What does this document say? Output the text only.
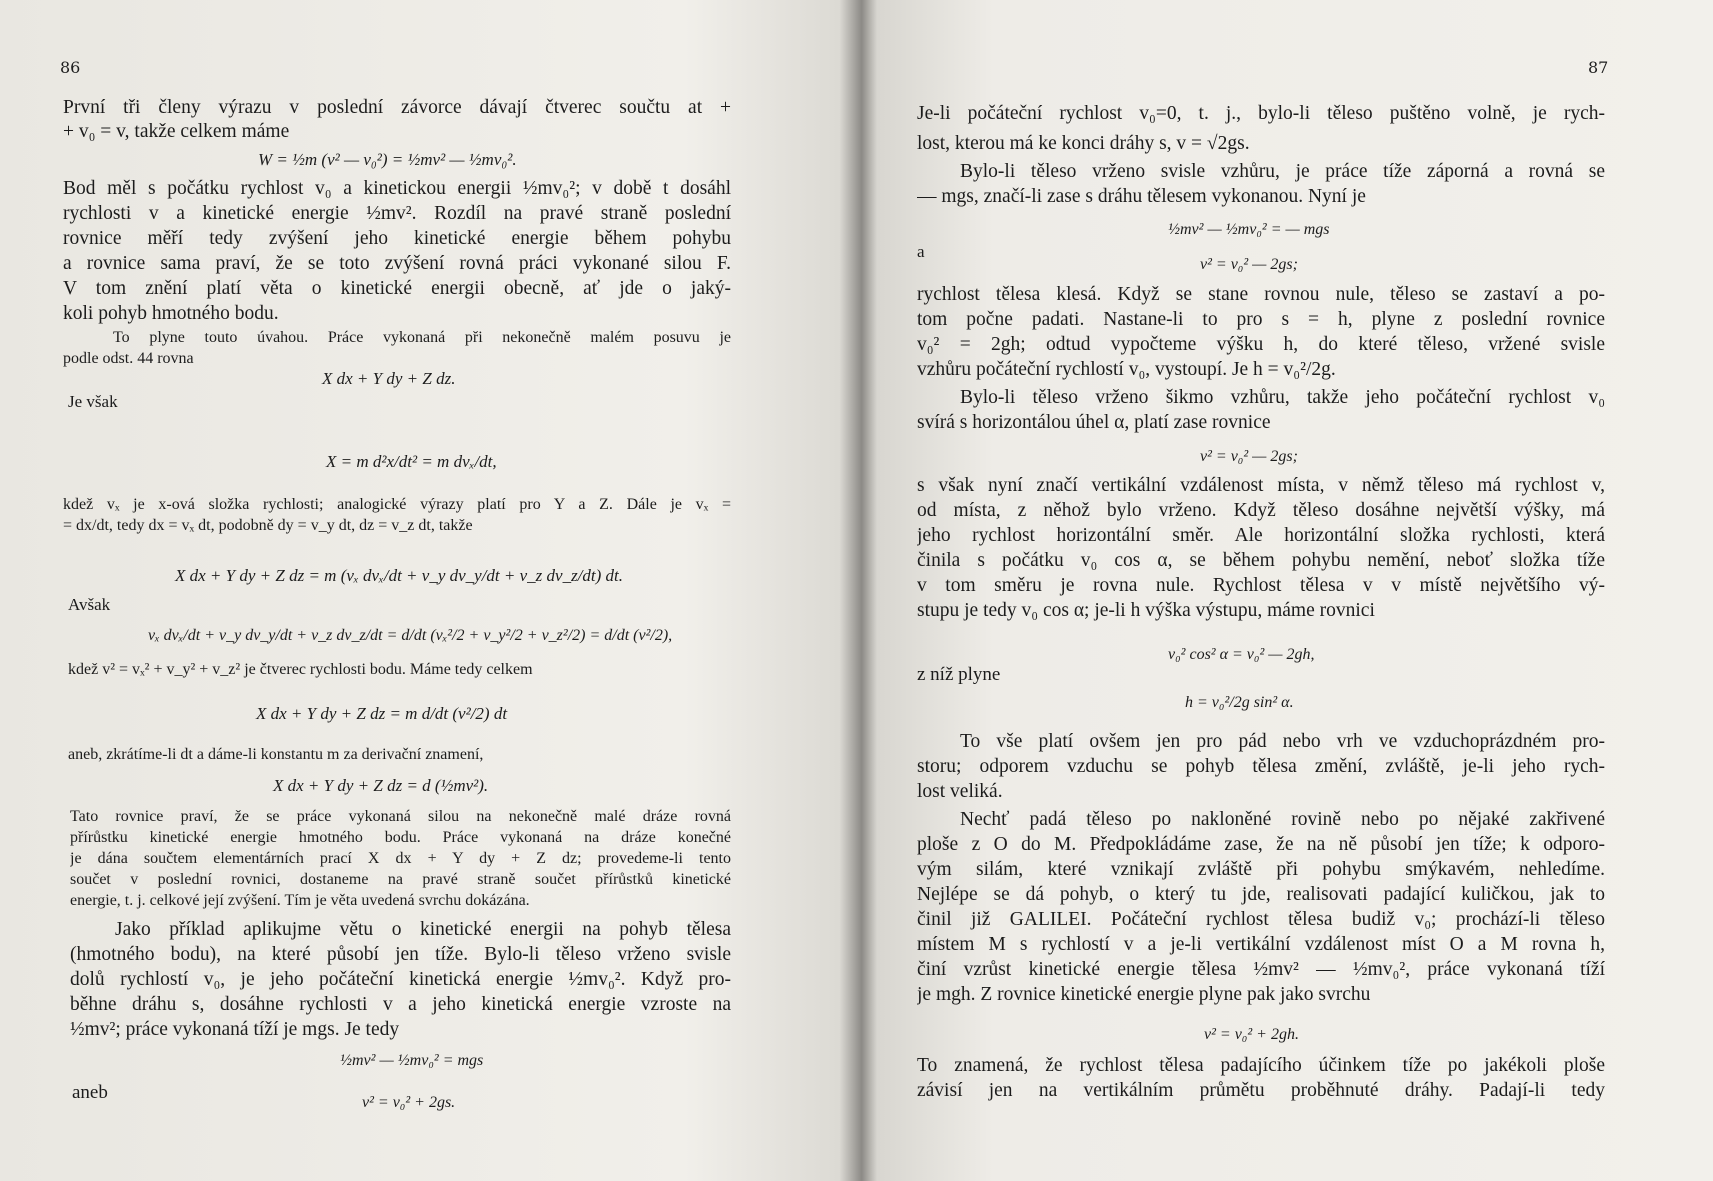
86
První tři členy výrazu v poslední závorce dávají čtverec součtu at +
+ v₀ = v, takže celkem máme
W = ½m (v² — v₀²) = ½mv² — ½mv₀².
Bod měl s počátku rychlost v₀ a kinetickou energii ½mv₀²; v době t dosáhl
rychlosti v a kinetické energie ½mv². Rozdíl na pravé straně poslední
rovnice měří tedy zvýšení jeho kinetické energie během pohybu
a rovnice sama praví, že se toto zvýšení rovná práci vykonané silou F.
V tom znění platí věta o kinetické energii obecně, ať jde o jaký-
koli pohyb hmotného bodu.
To plyne touto úvahou. Práce vykonaná při nekonečně malém posuvu je
podle odst. 44 rovna
X dx + Y dy + Z dz.
Je však
X = m d²x/dt² = m dvₓ/dt,
kdež vₓ je x-ová složka rychlosti; analogické výrazy platí pro Y a Z. Dále je vₓ =
= dx/dt, tedy dx = vₓ dt, podobně dy = v_y dt, dz = v_z dt, takže
X dx + Y dy + Z dz = m (vₓ dvₓ/dt + v_y dv_y/dt + v_z dv_z/dt) dt.
Avšak
vₓ dvₓ/dt + v_y dv_y/dt + v_z dv_z/dt = d/dt (vₓ²/2 + v_y²/2 + v_z²/2) = d/dt (v²/2),
kdež v² = vₓ² + v_y² + v_z² je čtverec rychlosti bodu. Máme tedy celkem
X dx + Y dy + Z dz = m d/dt (v²/2) dt
aneb, zkrátíme-li dt a dáme-li konstantu m za derivační znamení,
X dx + Y dy + Z dz = d (½mv²).
Tato rovnice praví, že se práce vykonaná silou na nekonečně malé dráze rovná
přírůstku kinetické energie hmotného bodu. Práce vykonaná na dráze konečné
je dána součtem elementárních prací X dx + Y dy + Z dz; provedeme-li tento
součet v poslední rovnici, dostaneme na pravé straně součet přírůstků kinetické
energie, t. j. celkové její zvýšení. Tím je věta uvedená svrchu dokázána.
Jako příklad aplikujme větu o kinetické energii na pohyb tělesa
(hmotného bodu), na které působí jen tíže. Bylo-li těleso vrženo svisle
dolů rychlostí v₀, je jeho počáteční kinetická energie ½mv₀². Když pro-
běhne dráhu s, dosáhne rychlosti v a jeho kinetická energie vzroste na
½mv²; práce vykonaná tíží je mgs. Je tedy
½mv² — ½mv₀² = mgs
aneb	v² = v₀² + 2gs.
87
Je-li počáteční rychlost v₀=0, t. j., bylo-li těleso puštěno volně, je rych-
lost, kterou má ke konci dráhy s, v = √2gs.
Bylo-li těleso vrženo svisle vzhůru, je práce tíže záporná a rovná se
— mgs, značí-li zase s dráhu tělesem vykonanou. Nyní je
½mv² — ½mv₀² = — mgs
a
v² = v₀² — 2gs;
rychlost tělesa klesá. Když se stane rovnou nule, těleso se zastaví a po-
tom počne padati. Nastane-li to pro s = h, plyne z poslední rovnice
v₀² = 2gh; odtud vypočteme výšku h, do které těleso, vržené svisle
vzhůru počáteční rychlostí v₀, vystoupí. Je h = v₀²/2g.
Bylo-li těleso vrženo šikmo vzhůru, takže jeho počáteční rychlost v₀
svírá s horizontálou úhel α, platí zase rovnice
v² = v₀² — 2gs;
s však nyní značí vertikální vzdálenost místa, v němž těleso má rychlost v,
od místa, z něhož bylo vrženo. Když těleso dosáhne největší výšky, má
jeho rychlost horizontální směr. Ale horizontální složka rychlosti, která
činila s počátku v₀ cos α, se během pohybu nemění, neboť složka tíže
v tom směru je rovna nule. Rychlost tělesa v v místě největšího vý-
stupu je tedy v₀ cos α; je-li h výška výstupu, máme rovnici
v₀² cos² α = v₀² — 2gh,
z níž plyne
h = v₀²/2g sin² α.
To vše platí ovšem jen pro pád nebo vrh ve vzduchoprázdném pro-
storu; odporem vzduchu se pohyb tělesa změní, zvláště, je-li jeho rych-
lost veliká.
Nechť padá těleso po nakloněné rovině nebo po nějaké zakřivené
ploše z O do M. Předpokládáme zase, že na ně působí jen tíže; k odporo-
vým silám, které vznikají zvláště při pohybu smýkavém, nehledíme.
Nejlépe se dá pohyb, o který tu jde, realisovati padající kuličkou, jak to
činil již GALILEI. Počáteční rychlost tělesa budiž v₀; prochází-li těleso
místem M s rychlostí v a je-li vertikální vzdálenost míst O a M rovna h,
činí vzrůst kinetické energie tělesa ½mv² — ½mv₀², práce vykonaná tíží
je mgh. Z rovnice kinetické energie plyne pak jako svrchu
v² = v₀² + 2gh.
To znamená, že rychlost tělesa padajícího účinkem tíže po jakékoli ploše
závisí jen na vertikálním průmětu proběhnuté dráhy. Padají-li tedy
